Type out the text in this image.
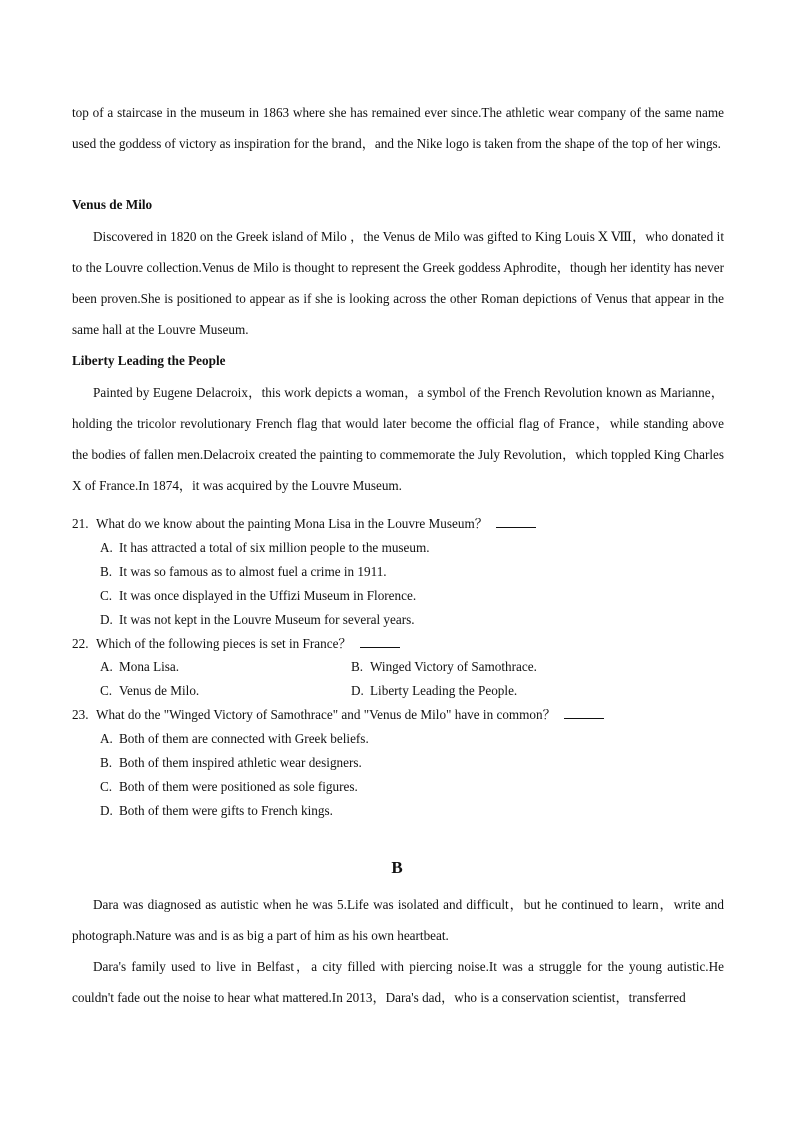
top of a staircase in the museum in 1863 where she has remained ever since.The athletic wear company of the same name used the goddess of victory as inspiration for the brand，and the Nike logo is taken from the shape of the top of her wings.

Venus de Milo

Discovered in 1820 on the Greek island of Milo ，the Venus de Milo was gifted to King Louis Ⅹ Ⅷ，who donated it to the Louvre collection.Venus de Milo is thought to represent the Greek goddess Aphrodite，though her identity has never been proven.She is positioned to appear as if she is looking across the other Roman depictions of Venus that appear in the same hall at the Louvre Museum.

Liberty Leading the People

Painted by Eugene Delacroix，this work depicts a woman，a symbol of the French Revolution known as Marianne，holding the tricolor revolutionary French flag that would later become the official flag of France，while standing above the bodies of fallen men.Delacroix created the painting to commemorate the July Revolution，which toppled King Charles X of France.In 1874，it was acquired by the Louvre Museum.

21. What do we know about the painting Mona Lisa in the Louvre Museum？
A. It has attracted a total of six million people to the museum.
B. It was so famous as to almost fuel a crime in 1911.
C. It was once displayed in the Uffizi Museum in Florence.
D. It was not kept in the Louvre Museum for several years.
22. Which of the following pieces is set in France？
A. Mona Lisa.	B. Winged Victory of Samothrace.
C. Venus de Milo.	D. Liberty Leading the People.
23. What do the "Winged Victory of Samothrace" and "Venus de Milo" have in common？
A. Both of them are connected with Greek beliefs.
B. Both of them inspired athletic wear designers.
C. Both of them were positioned as sole figures.
D. Both of them were gifts to French kings.
B

Dara was diagnosed as autistic when he was 5.Life was isolated and difficult，but he continued to learn，write and photograph.Nature was and is as big a part of him as his own heartbeat.

Dara's family used to live in Belfast，a city filled with piercing noise.It was a struggle for the young autistic.He couldn't fade out the noise to hear what mattered.In 2013，Dara's dad，who is a conservation scientist，transferred
